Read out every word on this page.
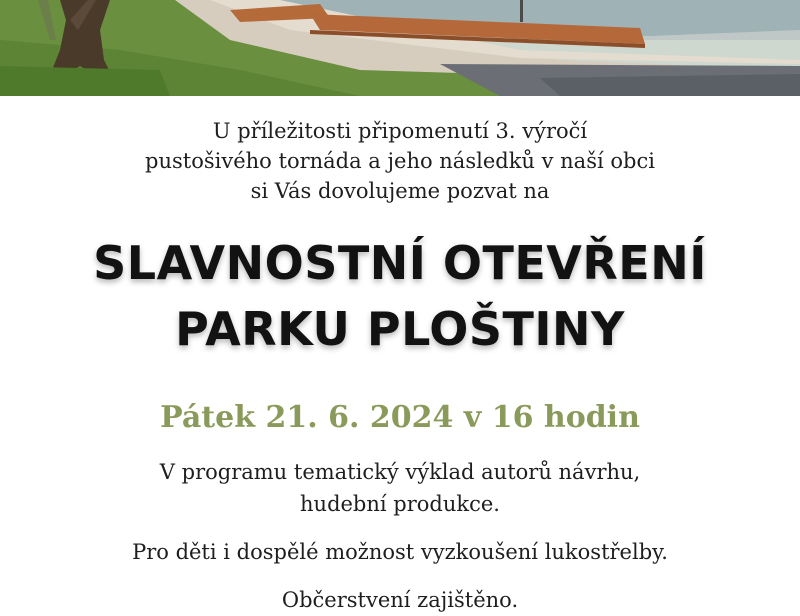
U příležitosti připomenutí 3. výročí
pustošivého tornáda a jeho následků v naší obci
si Vás dovolujeme pozvat na
SLAVNOSTNÍ OTEVŘENÍ
PARKU PLOŠTINY
Pátek 21. 6. 2024 v 16 hodin
V programu tematický výklad autorů návrhu,
hudební produkce.
Pro děti i dospělé možnost vyzkoušení lukostřelby.
Občerstvení zajištěno.
